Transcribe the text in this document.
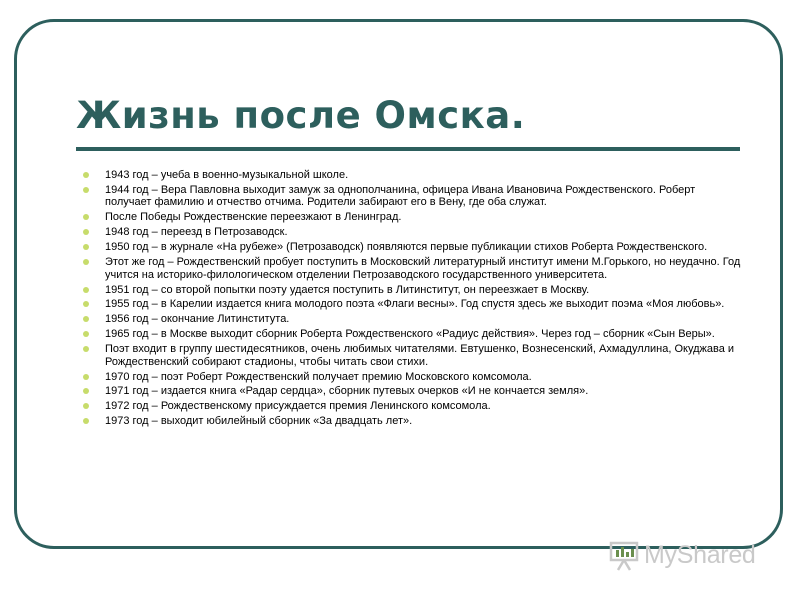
Жизнь после Омска.
1943 год – учеба в военно-музыкальной школе.
1944 год – Вера Павловна выходит замуж за однополчанина, офицера Ивана Ивановича Рождественского. Роберт получает фамилию и отчество отчима. Родители забирают его в Вену, где оба служат.
После Победы Рождественские переезжают в Ленинград.
1948 год – переезд в Петрозаводск.
1950 год – в журнале «На рубеже» (Петрозаводск) появляются первые публикации стихов Роберта Рождественского.
Этот же год – Рождественский пробует поступить в Московский литературный институт имени М.Горького, но неудачно. Год учится на историко-филологическом отделении Петрозаводского государственного университета.
1951 год – со второй попытки поэту удается поступить в Литинститут, он переезжает в Москву.
1955 год – в Карелии издается книга молодого поэта «Флаги весны». Год спустя здесь же выходит поэма «Моя любовь».
1956 год – окончание Литинститута.
1965 год – в Москве выходит сборник Роберта Рождественского «Радиус действия». Через год – сборник «Сын Веры».
Поэт входит в группу шестидесятников, очень любимых читателями. Евтушенко, Вознесенский, Ахмадуллина, Окуджава и Рождественский собирают стадионы, чтобы читать свои стихи.
1970 год – поэт Роберт Рождественский получает премию Московского комсомола.
1971 год – издается книга «Радар сердца», сборник путевых очерков «И не кончается земля».
1972 год – Рождественскому присуждается премия Ленинского комсомола.
1973 год – выходит юбилейный сборник «За двадцать лет».
MyShared
